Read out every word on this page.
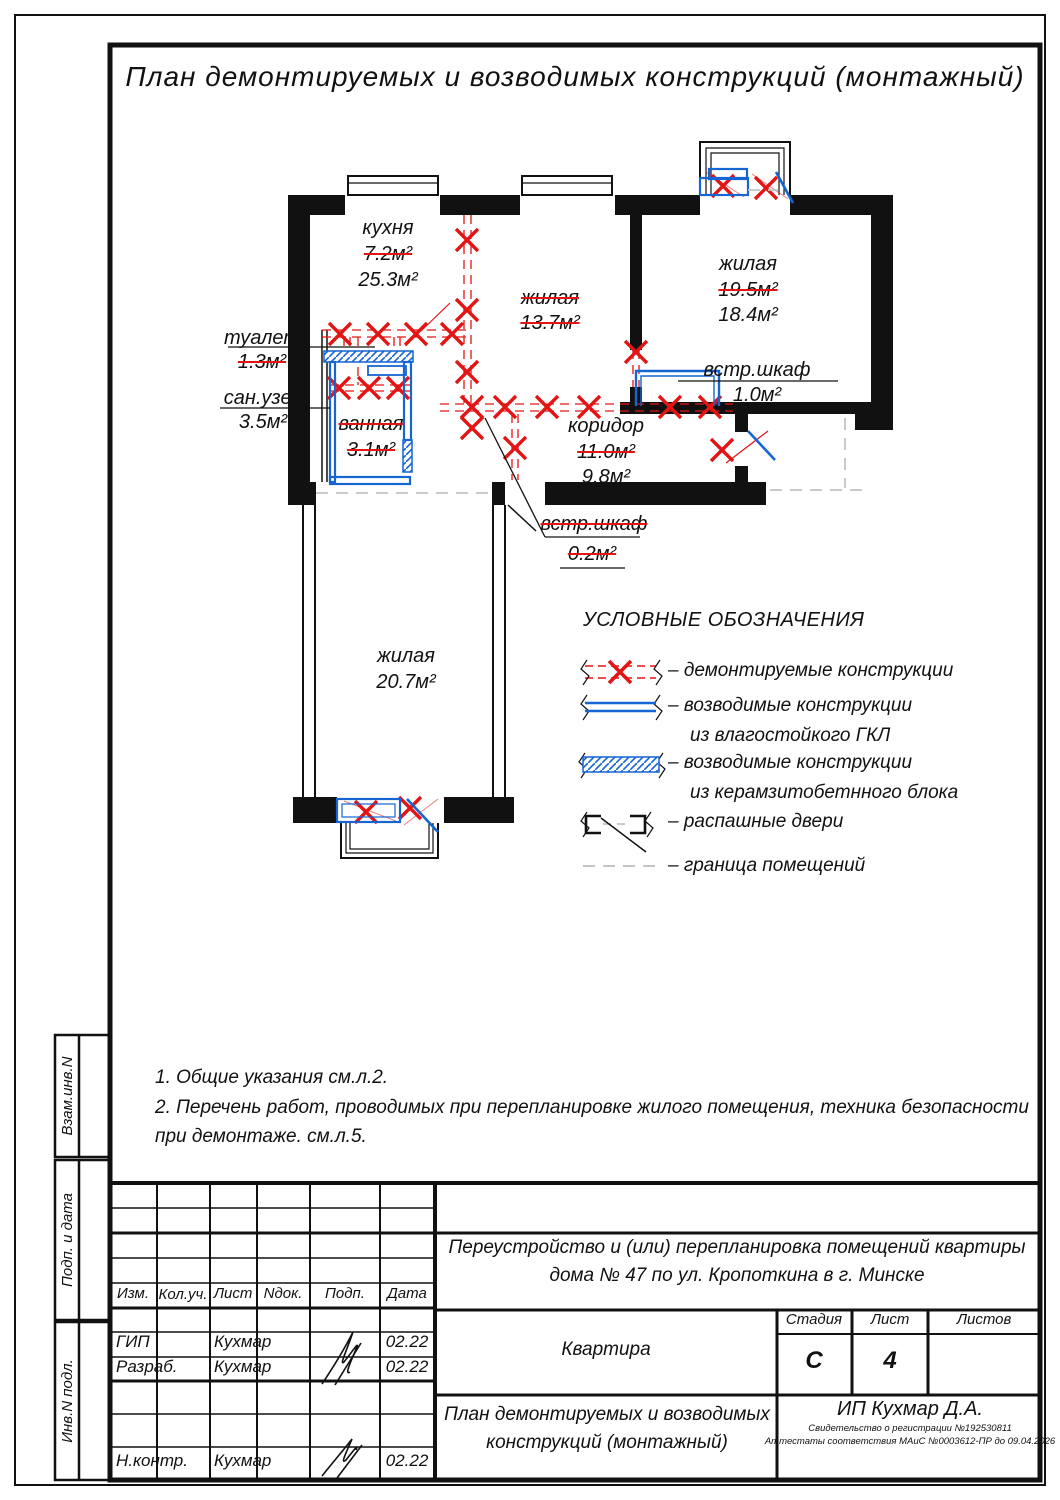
План демонтируемых и возводимых конструкций (монтажный)
кухня
7.2м²
25.3м²
жилая
13.7м²
жилая
19.5м²
18.4м²
туалет
1.3м²
сан.узел
3.5м²	ванная
3.1м²
коридор
11.0м²
9.8м²
встр.шкаф
1.0м²
встр.шкаф
0.2м²
жилая
20.7м²
УСЛОВНЫЕ ОБОЗНАЧЕНИЯ
– демонтируемые конструкции
– возводимые конструкции
из влагостойкого ГКЛ
– возводимые конструкции
из керамзитобетнного блока
– распашные двери
– граница помещений
1. Общие указания см.л.2.
2. Перечень работ, проводимых при перепланировке жилого помещения, техника безопасности
при демонтаже. см.л.5.
Изм. Кол.уч. Лист Nдок. Подп. Дата
ГИП	Кухмар	02.22
Разраб. Кухмар	02.22
Н.контр. Кухмар	02.22
Переустройство и (или) перепланировка помещений квартиры
дома № 47 по ул. Кропоткина в г. Минске
Квартира
Стадия Лист	Листов
С	4
План демонтируемых и возводимых
конструкций (монтажный)
ИП Кухмар Д.А.
Свидетельство о регистрации №192530811
Аттестаты соответствия МАиС №0003612-ПР до 09.04.2026
Взам.инв.N
Подп. и дата
Инв.N подл.
